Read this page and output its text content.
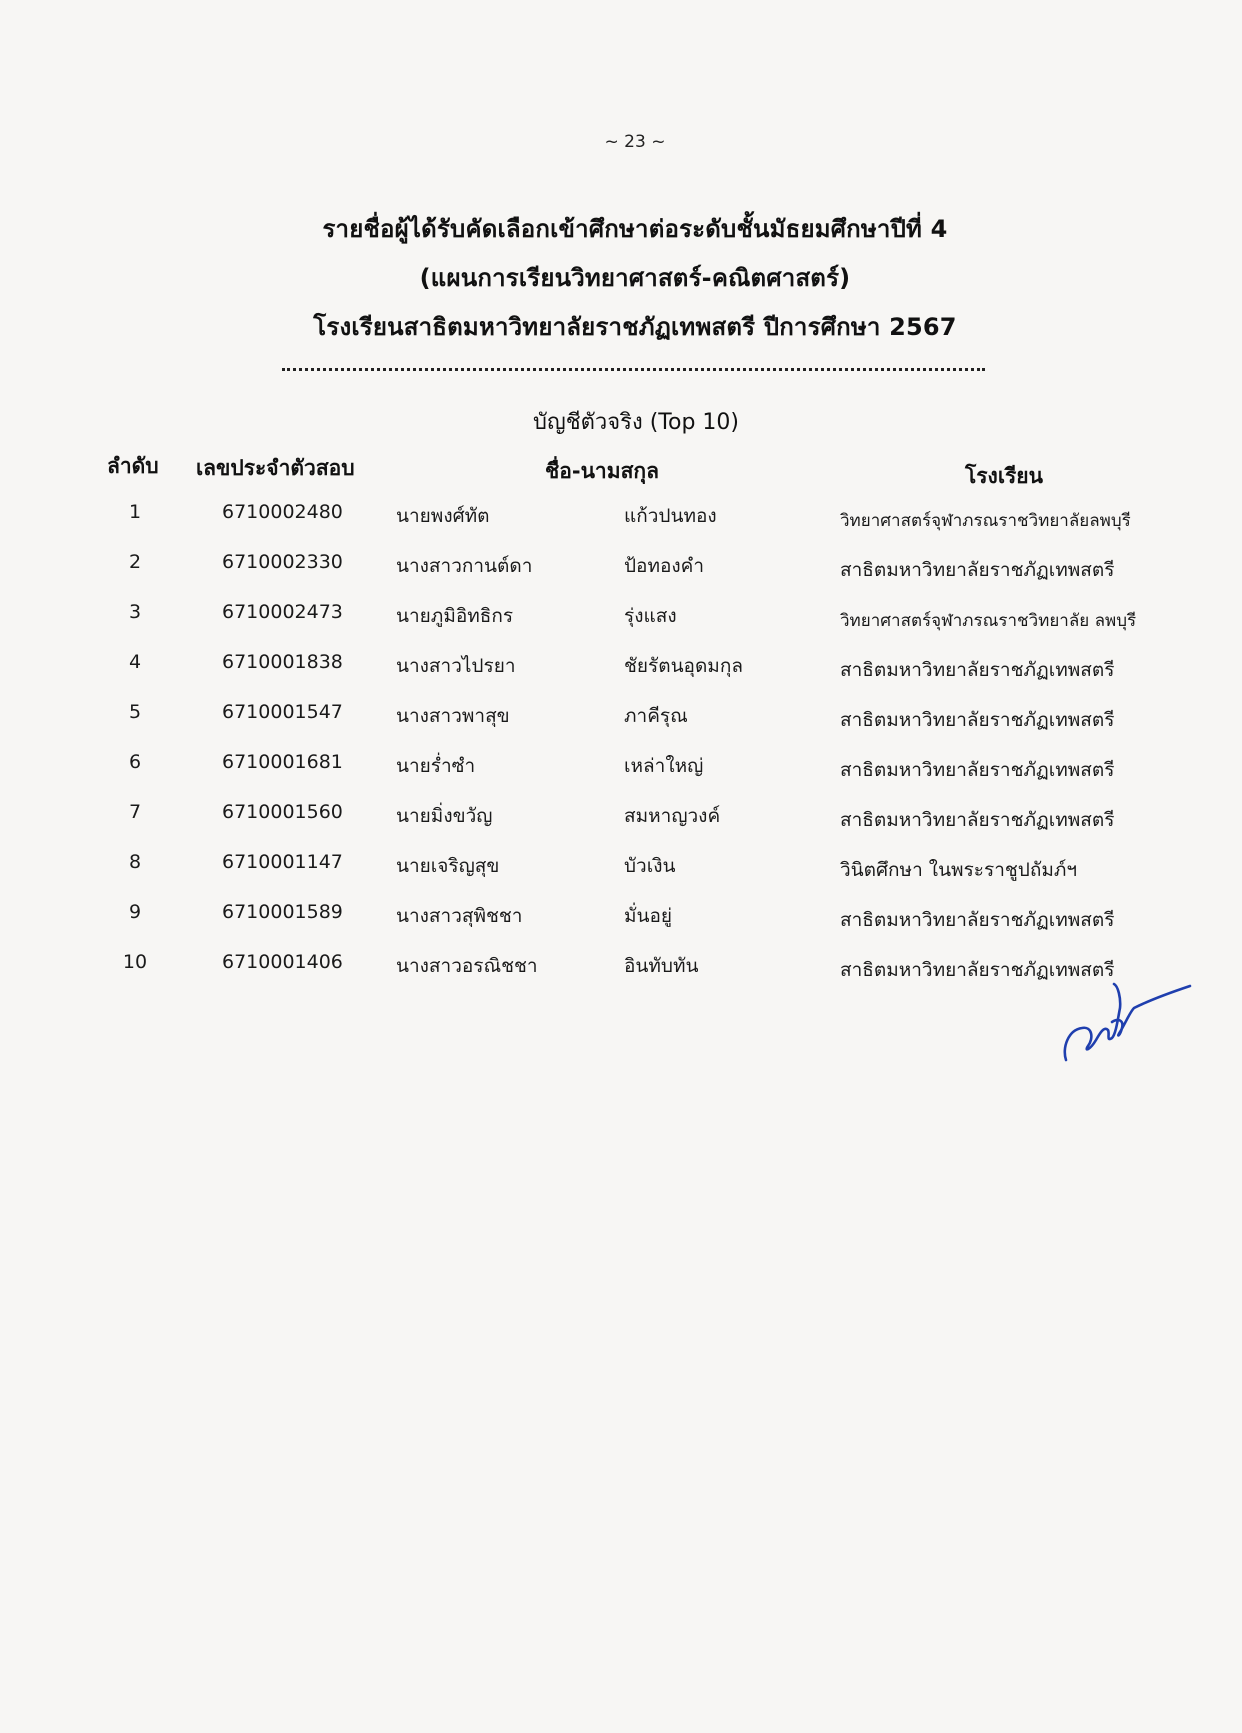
~ 23 ~
รายชื่อผู้ได้รับคัดเลือกเข้าศึกษาต่อระดับชั้นมัธยมศึกษาปีที่ 4
(แผนการเรียนวิทยาศาสตร์-คณิตศาสตร์)
โรงเรียนสาธิตมหาวิทยาลัยราชภัฏเทพสตรี ปีการศึกษา 2567
บัญชีตัวจริง (Top 10)
ลำดับ เลขประจำตัวสอบ	ชื่อ-นามสกุล	โรงเรียน
1	6710002480	นายพงศ์ทัต	แก้วปนทอง	วิทยาศาสตร์จุฬาภรณราชวิทยาลัยลพบุรี
2	6710002330	นางสาวกานต์ดา	ป้อทองคำ	สาธิตมหาวิทยาลัยราชภัฏเทพสตรี
3	6710002473	นายภูมิอิทธิกร	รุ่งแสง	วิทยาศาสตร์จุฬาภรณราชวิทยาลัย ลพบุรี
4	6710001838	นางสาวไปรยา	ชัยรัตนอุดมกุล	สาธิตมหาวิทยาลัยราชภัฏเทพสตรี
5	6710001547	นางสาวพาสุข	ภาคีรุณ	สาธิตมหาวิทยาลัยราชภัฏเทพสตรี
6	6710001681	นายร่ำซำ	เหล่าใหญ่	สาธิตมหาวิทยาลัยราชภัฏเทพสตรี
7	6710001560	นายมิ่งขวัญ	สมหาญวงค์	สาธิตมหาวิทยาลัยราชภัฏเทพสตรี
8	6710001147	นายเจริญสุข	บัวเงิน	วินิตศึกษา ในพระราชูปถัมภ์ฯ
9	6710001589	นางสาวสุพิชชา	มั่นอยู่	สาธิตมหาวิทยาลัยราชภัฏเทพสตรี
10	6710001406	นางสาวอรณิชชา	อินทับทัน	สาธิตมหาวิทยาลัยราชภัฏเทพสตรี
